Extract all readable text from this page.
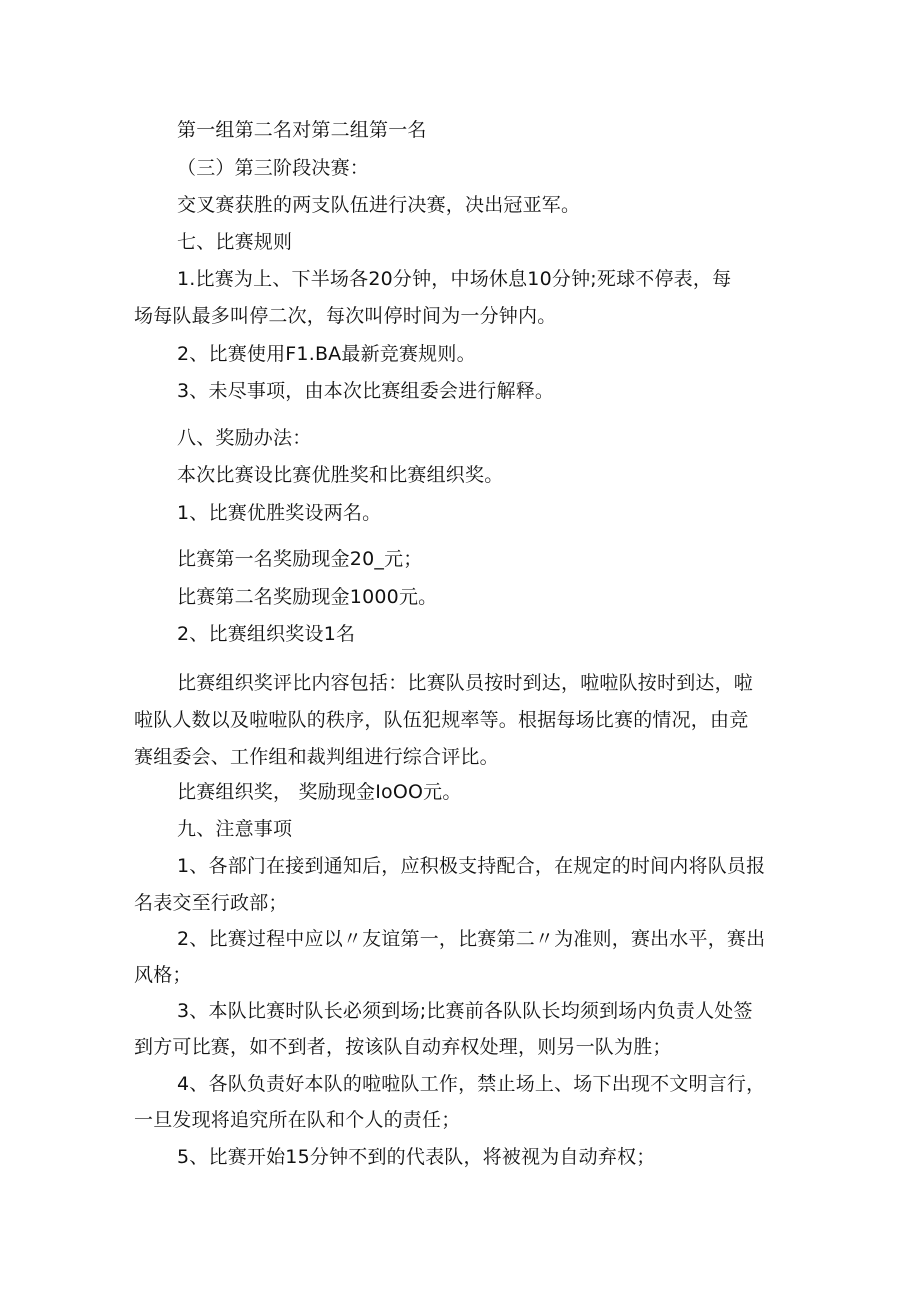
第一组第二名对第二组第一名
（三）第三阶段决赛：
交叉赛获胜的两支队伍进行决赛，决出冠亚军。
七、比赛规则
1.比赛为上、下半场各20分钟，中场休息10分钟;死球不停表，每
场每队最多叫停二次，每次叫停时间为一分钟内。
2、比赛使用F1.BA最新竞赛规则。
3、未尽事项，由本次比赛组委会进行解释。
八、奖励办法：
本次比赛设比赛优胜奖和比赛组织奖。
1、比赛优胜奖设两名。
比赛第一名奖励现金20_元；
比赛第二名奖励现金1000元。
2、比赛组织奖设1名
比赛组织奖评比内容包括：比赛队员按时到达，啦啦队按时到达，啦
啦队人数以及啦啦队的秩序，队伍犯规率等。根据每场比赛的情况，由竞
赛组委会、工作组和裁判组进行综合评比。
比赛组织奖， 奖励现金IoOO元。
九、注意事项
1、各部门在接到通知后，应积极支持配合，在规定的时间内将队员报
名表交至行政部；
2、比赛过程中应以〃友谊第一，比赛第二〃为准则，赛出水平，赛出
风格；
3、本队比赛时队长必须到场;比赛前各队队长均须到场内负责人处签
到方可比赛，如不到者，按该队自动弃权处理，则另一队为胜；
4、各队负责好本队的啦啦队工作，禁止场上、场下出现不文明言行，
一旦发现将追究所在队和个人的责任；
5、比赛开始15分钟不到的代表队，将被视为自动弃权；
